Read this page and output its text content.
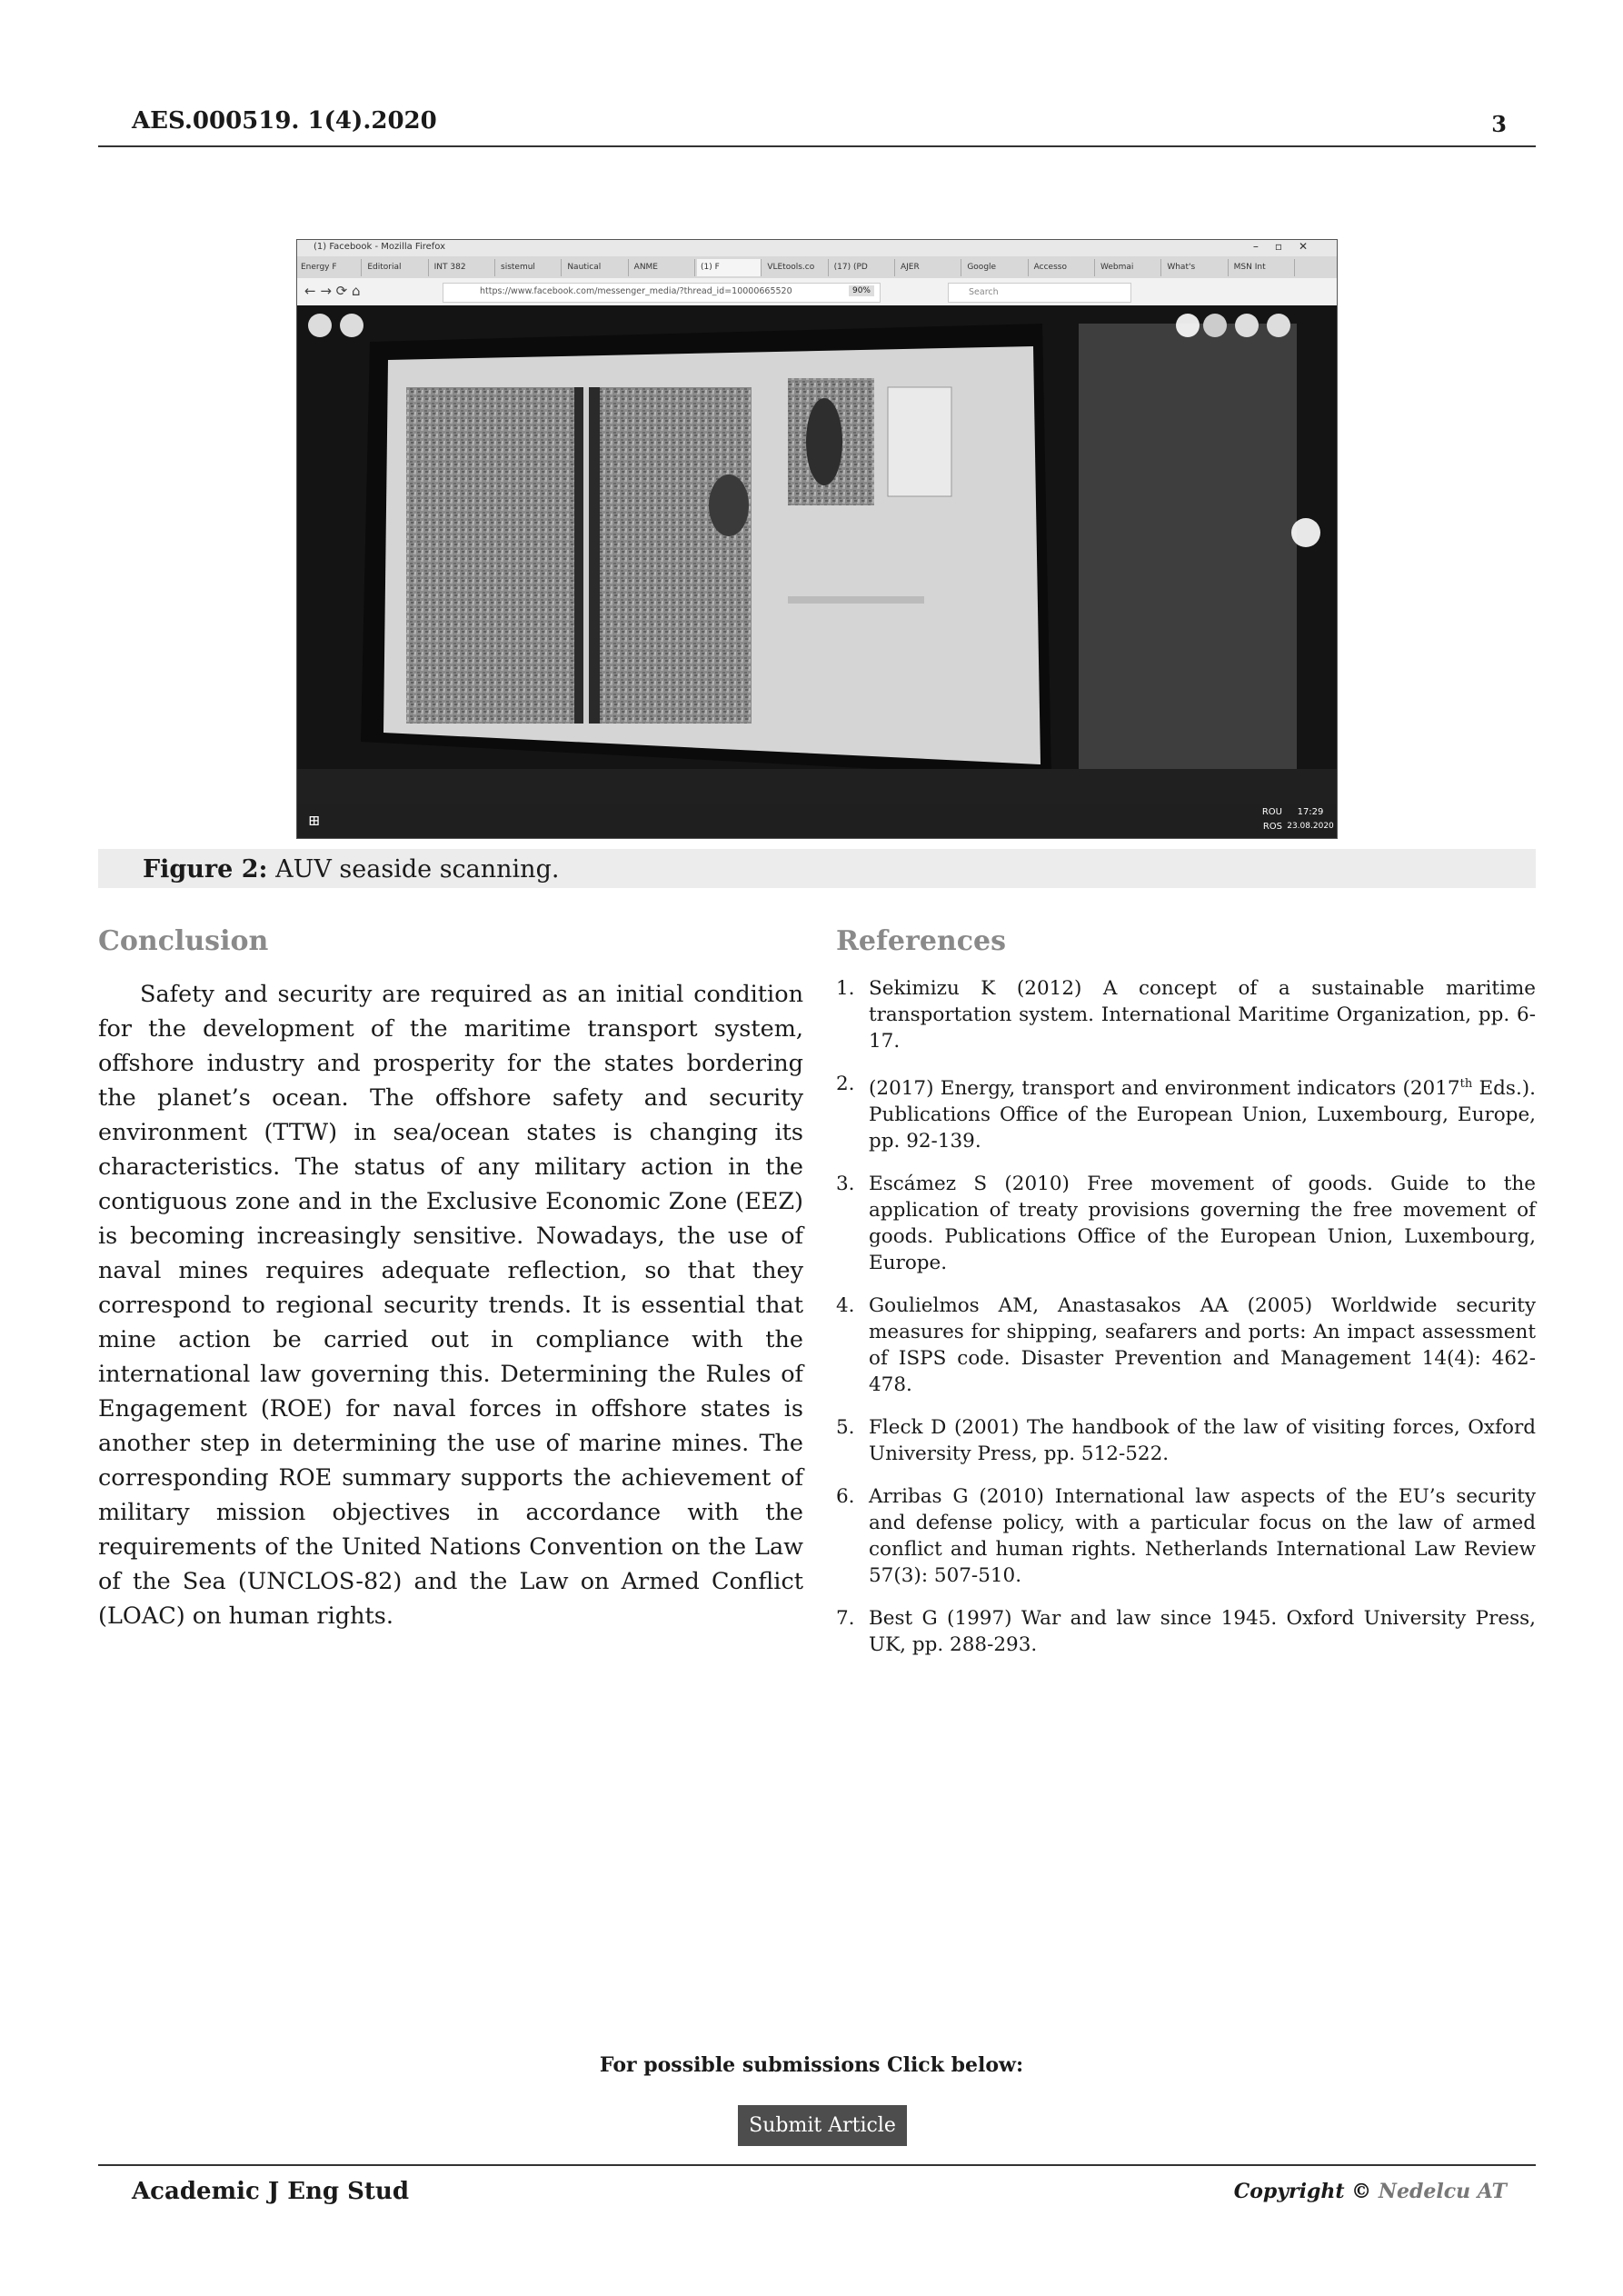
AES.000519. 1(4).2020	3
(1) Facebook - Mozilla Firefox	–▫✕
Energy F	Editorial	INT 382	sistemul	Nautical	ANME	(1) F	VLEtools.co	(17) (PD	AJER	Google	Accesso	Webmai	What's	MSN Int
← → ⟳ ⌂	https://www.facebook.com/messenger_media/?thread_id=10000665520	90%	Search
⊞	ROU
ROS
17:29
23.08.2020
Figure 2: AUV seaside scanning.
Conclusion
Safety and security are required as an initial condition for the development of the maritime transport system, offshore industry and prosperity for the states bordering the planet’s ocean. The offshore safety and security environment (TTW) in sea/ocean states is changing its characteristics. The status of any military action in the contiguous zone and in the Exclusive Economic Zone (EEZ) is becoming increasingly sensitive. Nowadays, the use of naval mines requires adequate reflection, so that they correspond to regional security trends. It is essential that mine action be carried out in compliance with the international law governing this. Determining the Rules of Engagement (ROE) for naval forces in offshore states is another step in determining the use of marine mines. The corresponding ROE summary supports the achievement of military mission objectives in accordance with the requirements of the United Nations Convention on the Law of the Sea (UNCLOS-82) and the Law on Armed Conflict (LOAC) on human rights.
References
1. Sekimizu K (2012) A concept of a sustainable maritime transportation system. International Maritime Organization, pp. 6-17.
2. (2017) Energy, transport and environment indicators (2017th Eds.). Publications Office of the European Union, Luxembourg, Europe, pp. 92-139.
3. Escámez S (2010) Free movement of goods. Guide to the application of treaty provisions governing the free movement of goods. Publications Office of the European Union, Luxembourg, Europe.
4. Goulielmos AM, Anastasakos AA (2005) Worldwide security measures for shipping, seafarers and ports: An impact assessment of ISPS code. Disaster Prevention and Management 14(4): 462-478.
5. Fleck D (2001) The handbook of the law of visiting forces, Oxford University Press, pp. 512-522.
6. Arribas G (2010) International law aspects of the EU’s security and defense policy, with a particular focus on the law of armed conflict and human rights. Netherlands International Law Review 57(3): 507-510.
7. Best G (1997) War and law since 1945. Oxford University Press, UK, pp. 288-293.
For possible submissions Click below:
Submit Article
Academic J Eng Stud	Copyright © Nedelcu AT
